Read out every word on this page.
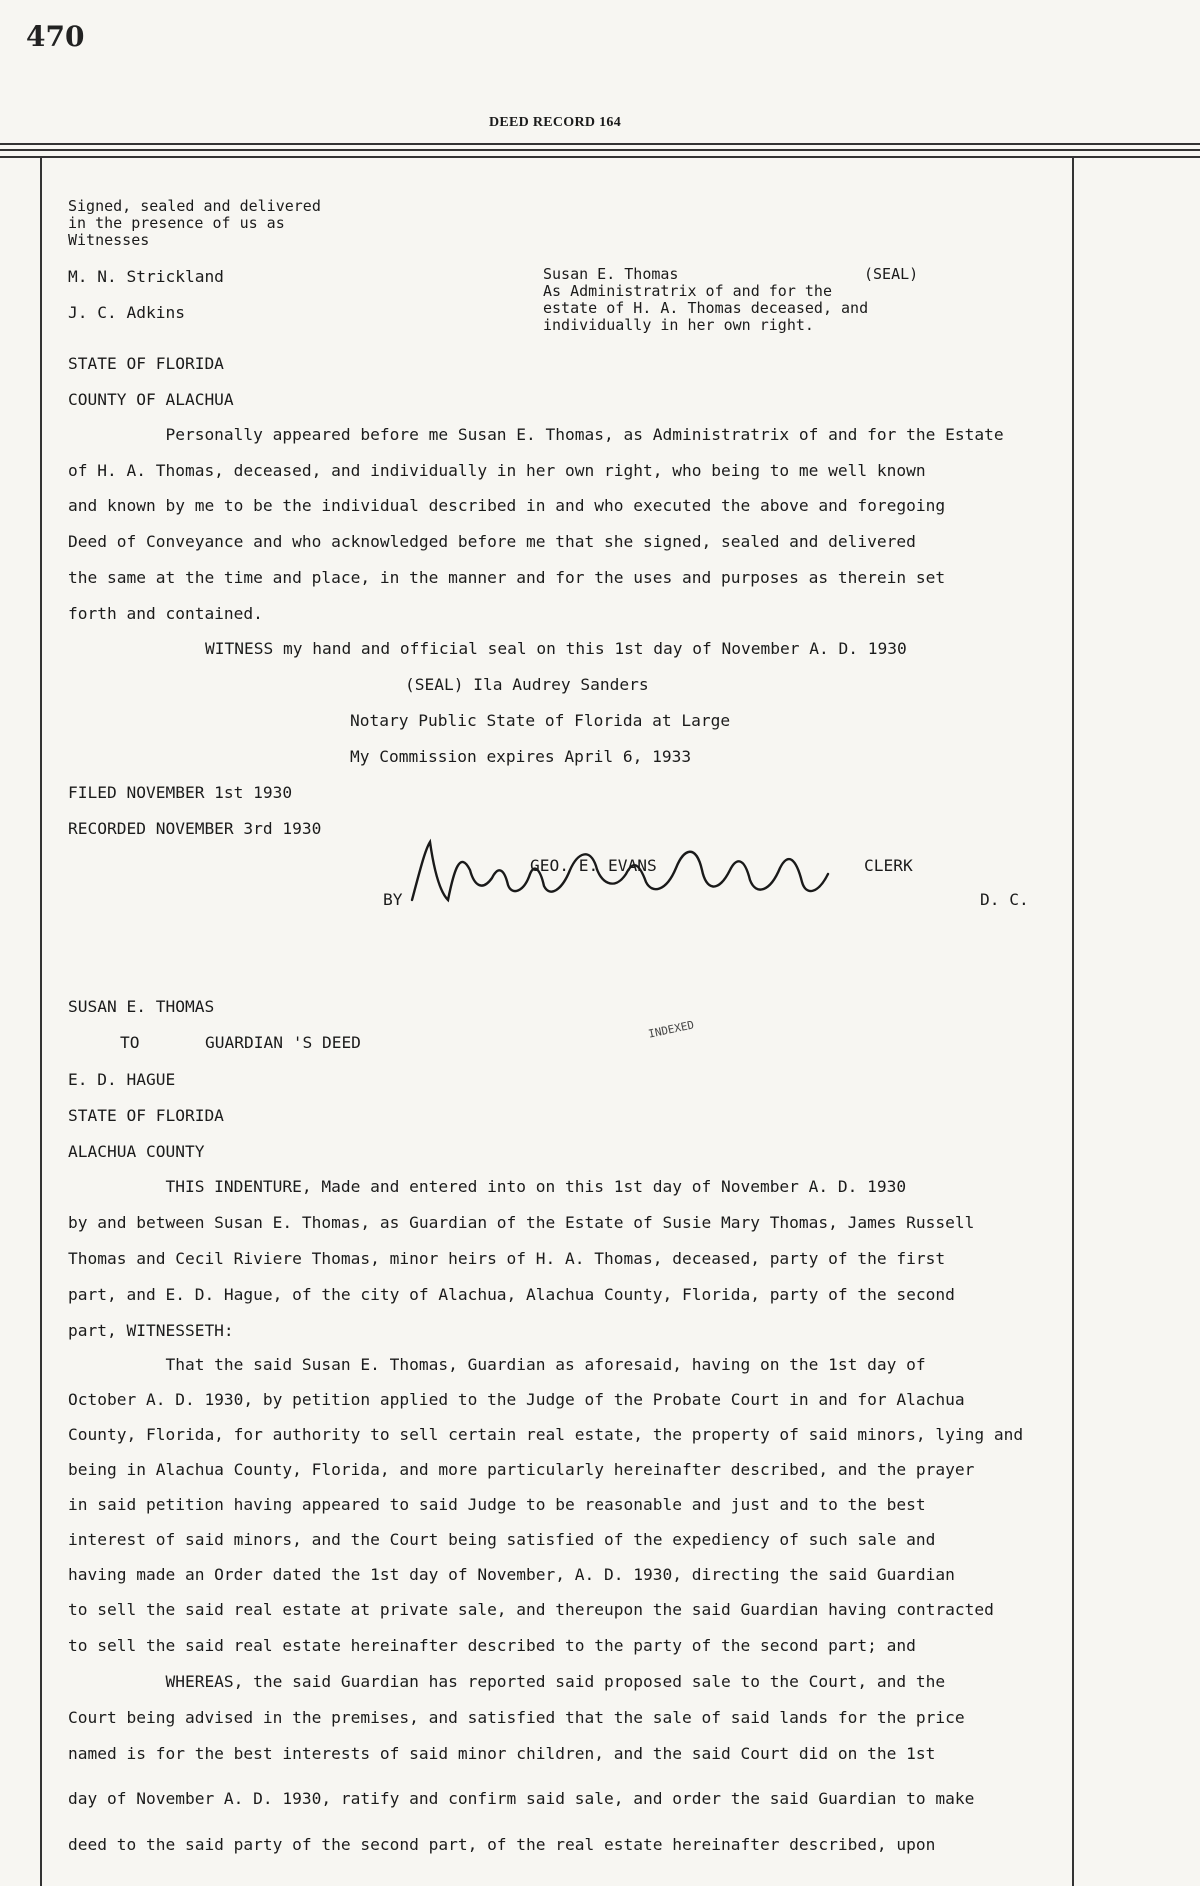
470
DEED RECORD 164
Signed, sealed and delivered
in the presence of us as
Witnesses
M. N. Strickland
J. C. Adkins
Susan E. Thomas	(SEAL)
As Administratrix of and for the
estate of H. A. Thomas deceased, and
individually in her own right.
STATE OF FLORIDA
COUNTY OF ALACHUA
Personally appeared before me Susan E. Thomas, as Administratrix of and for the Estate
of H. A. Thomas, deceased, and individually in her own right, who being to me well known
and known by me to be the individual described in and who executed the above and foregoing
Deed of Conveyance and who acknowledged before me that she signed, sealed and delivered
the same at the time and place, in the manner and for the uses and purposes as therein set
forth and contained.
WITNESS my hand and official seal on this 1st day of November A. D. 1930
(SEAL) Ila Audrey Sanders
Notary Public State of Florida at Large
My Commission expires April 6, 1933
FILED NOVEMBER 1st 1930
RECORDED NOVEMBER 3rd 1930
GEO. E. EVANS	CLERK
BY	D. C.
SUSAN E. THOMAS
TO	GUARDIAN 'S DEED
INDEXED
E. D. HAGUE
STATE OF FLORIDA
ALACHUA COUNTY
THIS INDENTURE, Made and entered into on this 1st day of November A. D. 1930
by and between Susan E. Thomas, as Guardian of the Estate of Susie Mary Thomas, James Russell
Thomas and Cecil Riviere Thomas, minor heirs of H. A. Thomas, deceased, party of the first
part, and E. D. Hague, of the city of Alachua, Alachua County, Florida, party of the second
part, WITNESSETH:
That the said Susan E. Thomas, Guardian as aforesaid, having on the 1st day of
October A. D. 1930, by petition applied to the Judge of the Probate Court in and for Alachua
County, Florida, for authority to sell certain real estate, the property of said minors, lying and
being in Alachua County, Florida, and more particularly hereinafter described, and the prayer
in said petition having appeared to said Judge to be reasonable and just and to the best
interest of said minors, and the Court being satisfied of the expediency of such sale and
having made an Order dated the 1st day of November, A. D. 1930, directing the said Guardian
to sell the said real estate at private sale, and thereupon the said Guardian having contracted
to sell the said real estate hereinafter described to the party of the second part; and
WHEREAS, the said Guardian has reported said proposed sale to the Court, and the
Court being advised in the premises, and satisfied that the sale of said lands for the price
named is for the best interests of said minor children, and the said Court did on the 1st
day of November A. D. 1930, ratify and confirm said sale, and order the said Guardian to make
deed to the said party of the second part, of the real estate hereinafter described, upon
